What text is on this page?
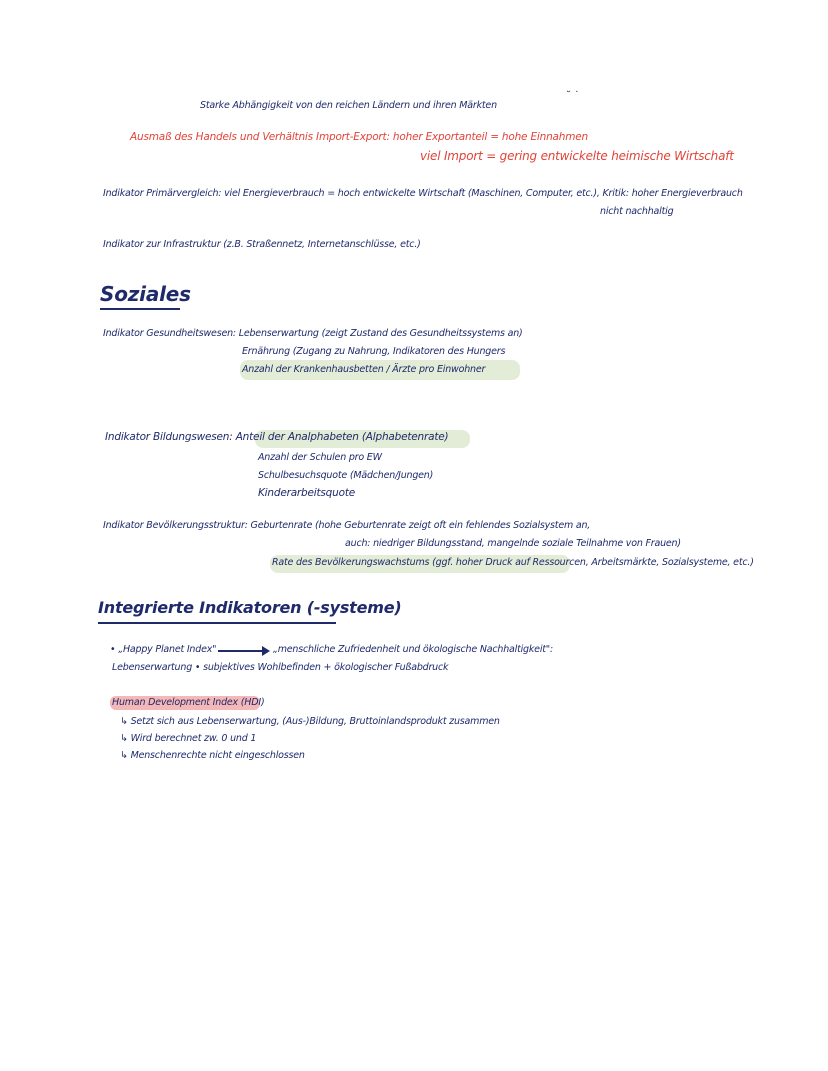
˘ ˙
Starke Abhängigkeit von den reichen Ländern und ihren Märkten
Ausmaß des Handels und Verhältnis Import-Export: hoher Exportanteil = hohe Einnahmen
viel Import = gering entwickelte heimische Wirtschaft
Indikator Primärvergleich: viel Energieverbrauch = hoch entwickelte Wirtschaft (Maschinen, Computer, etc.), Kritik: hoher Energieverbrauch
nicht nachhaltig
Indikator zur Infrastruktur (z.B. Straßennetz, Internetanschlüsse, etc.)
Soziales
Indikator Gesundheitswesen: Lebenserwartung (zeigt Zustand des Gesundheitssystems an)
Ernährung (Zugang zu Nahrung, Indikatoren des Hungers
Anzahl der Krankenhausbetten / Ärzte pro Einwohner
Indikator Bildungswesen: Anteil der Analphabeten (Alphabetenrate)
Anzahl der Schulen pro EW
Schulbesuchsquote (Mädchen/Jungen)
Kinderarbeitsquote
Indikator Bevölkerungsstruktur: Geburtenrate (hohe Geburtenrate zeigt oft ein fehlendes Sozialsystem an,
auch: niedriger Bildungsstand, mangelnde soziale Teilnahme von Frauen)
Rate des Bevölkerungswachstums (ggf. hoher Druck auf Ressourcen, Arbeitsmärkte, Sozialsysteme, etc.)
Integrierte Indikatoren (-systeme)
• „Happy Planet Index"	„menschliche Zufriedenheit und ökologische Nachhaltigkeit":
Lebenserwartung • subjektives Wohlbefinden + ökologischer Fußabdruck
Human Development Index (HDI)
↳ Setzt sich aus Lebenserwartung, (Aus-)Bildung, Bruttoinlandsprodukt zusammen
↳ Wird berechnet zw. 0 und 1
↳ Menschenrechte nicht eingeschlossen
